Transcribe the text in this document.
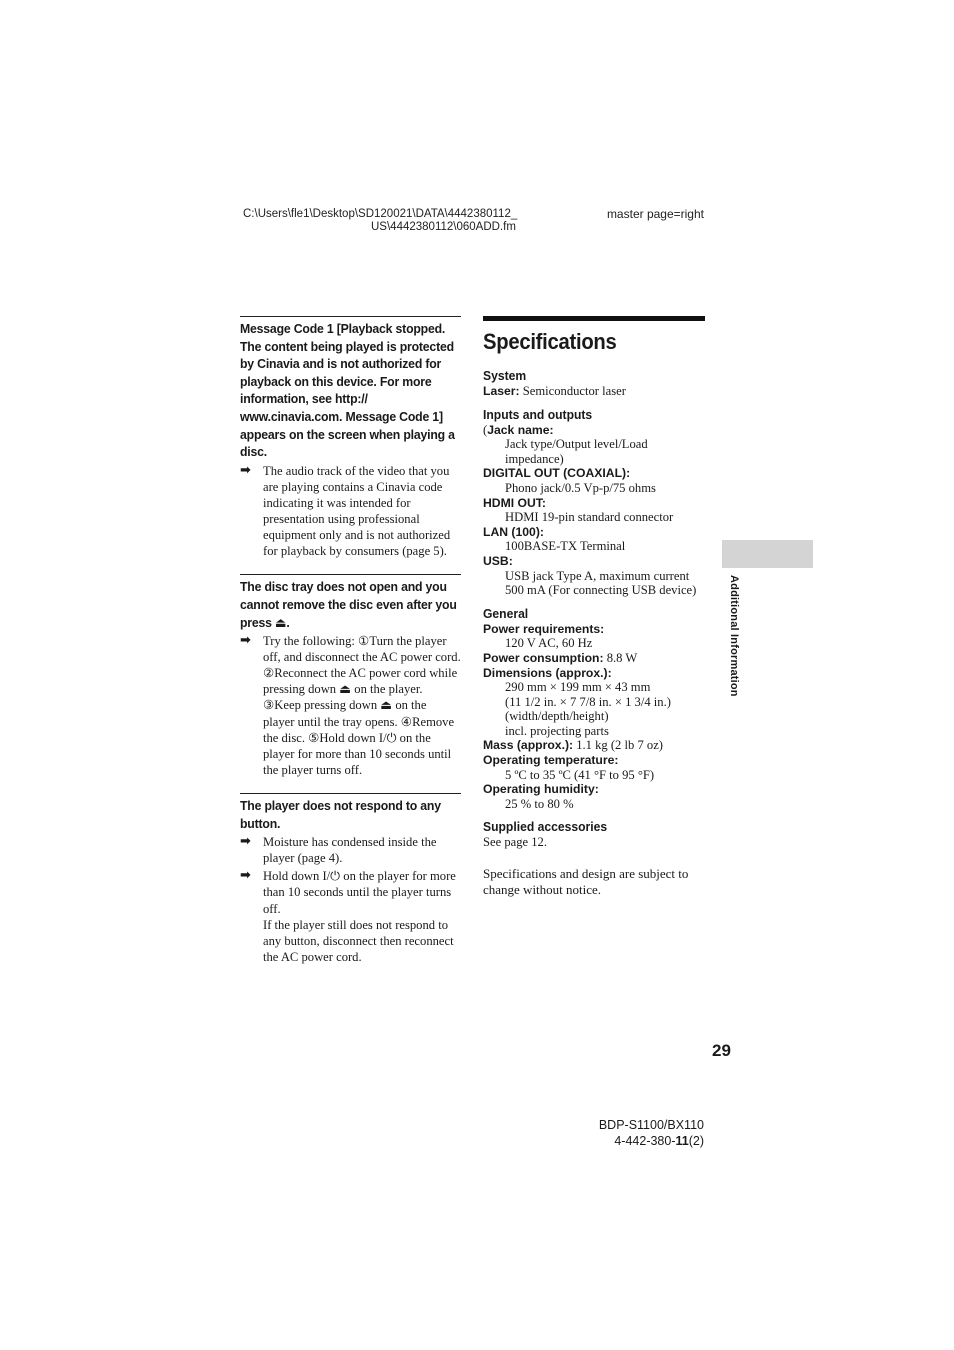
C:\Users\fle1\Desktop\SD120021\DATA\4442380112_
US\4442380112\060ADD.fm
master page=right
Message Code 1 [Playback stopped. The content being played is protected by Cinavia and is not authorized for playback on this device. For more information, see http:// www.cinavia.com. Message Code 1] appears on the screen when playing a disc.
➡ The audio track of the video that you are playing contains a Cinavia code indicating it was intended for presentation using professional equipment only and is not authorized for playback by consumers (page 5).
The disc tray does not open and you cannot remove the disc even after you press ⏏.
➡ Try the following: ①Turn the player off, and disconnect the AC power cord. ②Reconnect the AC power cord while pressing down ⏏ on the player. ③Keep pressing down ⏏ on the player until the tray opens. ④Remove the disc. ⑤Hold down I/⏻ on the player for more than 10 seconds until the player turns off.
The player does not respond to any button.
➡ Moisture has condensed inside the player (page 4).
➡ Hold down I/⏻ on the player for more than 10 seconds until the player turns off.

If the player still does not respond to any button, disconnect then reconnect the AC power cord.

Specifications
System
Laser: Semiconductor laser
Inputs and outputs
(Jack name:
Jack type/Output level/Load impedance)
DIGITAL OUT (COAXIAL):
Phono jack/0.5 Vp-p/75 ohms
HDMI OUT:
HDMI 19-pin standard connector
LAN (100):
100BASE-TX Terminal
USB:
USB jack Type A, maximum current
500 mA (For connecting USB device)
General
Power requirements:
120 V AC, 60 Hz
Power consumption: 8.8 W
Dimensions (approx.):
290 mm × 199 mm × 43 mm
(11 1/2 in. × 7 7/8 in. × 1 3/4 in.)
(width/depth/height)
incl. projecting parts
Mass (approx.): 1.1 kg (2 lb 7 oz)
Operating temperature:
5 ºC to 35 ºC (41 °F to 95 °F)
Operating humidity:
25 % to 80 %
Supplied accessories
See page 12.
Specifications and design are subject to change without notice.
Additional Information
29
BDP-S1100/BX110
4-442-380-11(2)
